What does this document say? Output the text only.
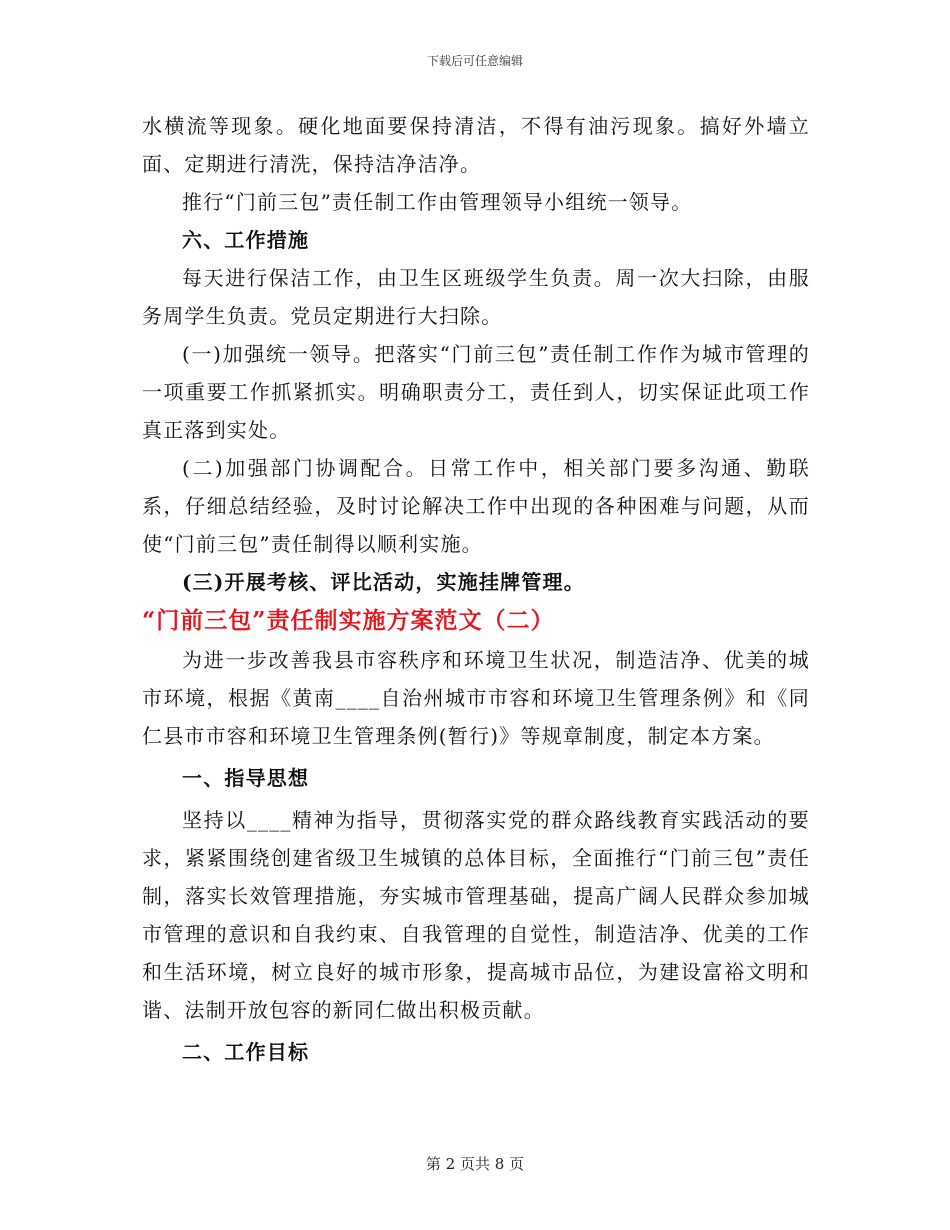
下载后可任意编辑

水横流等现象。硬化地面要保持清洁，不得有油污现象。搞好外墙立面、定期进行清洗，保持洁净洁净。

推行“门前三包”责任制工作由管理领导小组统一领导。

六、工作措施

每天进行保洁工作，由卫生区班级学生负责。周一次大扫除，由服务周学生负责。党员定期进行大扫除。

(一)加强统一领导。把落实“门前三包”责任制工作作为城市管理的一项重要工作抓紧抓实。明确职责分工，责任到人，切实保证此项工作真正落到实处。

(二)加强部门协调配合。日常工作中，相关部门要多沟通、勤联系，仔细总结经验，及时讨论解决工作中出现的各种困难与问题，从而使“门前三包”责任制得以顺利实施。

(三)开展考核、评比活动，实施挂牌管理。

“门前三包”责任制实施方案范文（二）

为进一步改善我县市容秩序和环境卫生状况，制造洁净、优美的城市环境，根据《黄南____自治州城市市容和环境卫生管理条例》和《同仁县市市容和环境卫生管理条例(暂行)》等规章制度，制定本方案。

一、指导思想

坚持以____精神为指导，贯彻落实党的群众路线教育实践活动的要求，紧紧围绕创建省级卫生城镇的总体目标，全面推行“门前三包”责任制，落实长效管理措施，夯实城市管理基础，提高广阔人民群众参加城市管理的意识和自我约束、自我管理的自觉性，制造洁净、优美的工作和生活环境，树立良好的城市形象，提高城市品位，为建设富裕文明和谐、法制开放包容的新同仁做出积极贡献。

二、工作目标

第 2 页共 8 页
